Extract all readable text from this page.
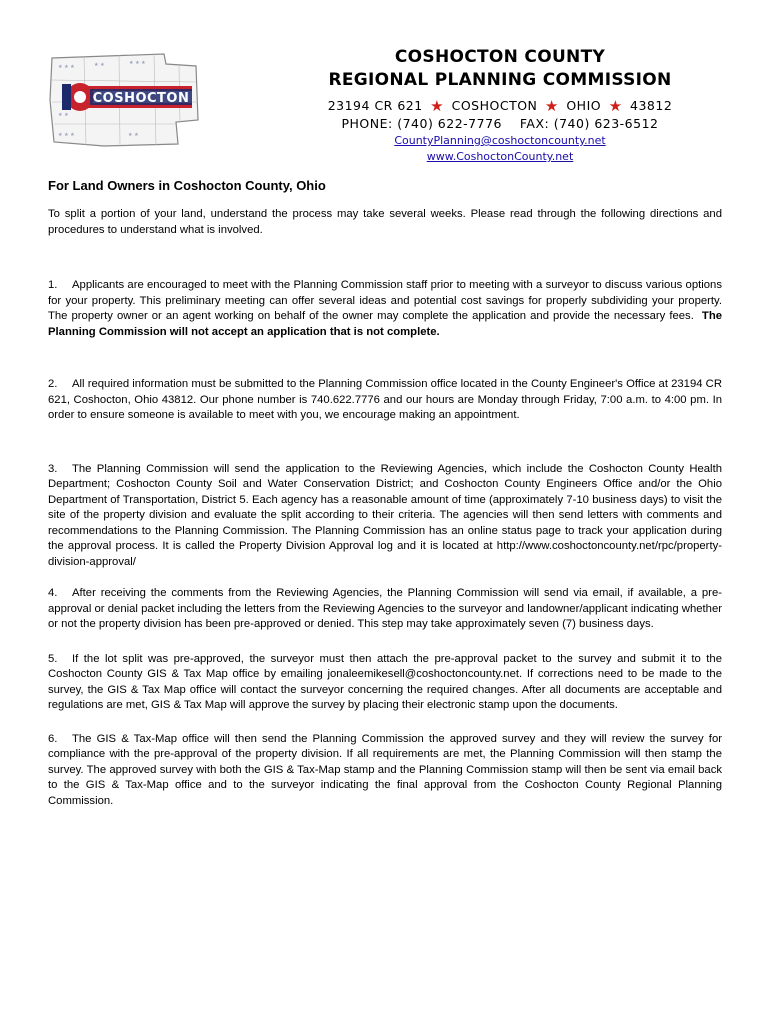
★ ★ ★	★ ★	★ ★ ★
★ ★
★ ★ ★	★ ★
COSHOCTON
COSHOCTON COUNTY
REGIONAL PLANNING COMMISSION
23194 CR 621 ★ COSHOCTON ★ OHIO ★ 43812
PHONE: (740) 622-7776 FAX: (740) 623-6512
CountyPlanning@coshoctoncounty.net
www.CoshoctonCounty.net
For Land Owners in Coshocton County, Ohio

To split a portion of your land, understand the process may take several weeks. Please read through the following directions and procedures to understand what is involved.

1. Applicants are encouraged to meet with the Planning Commission staff prior to meeting with a surveyor to discuss various options for your property. This preliminary meeting can offer several ideas and potential cost savings for properly subdividing your property. The property owner or an agent working on behalf of the owner may complete the application and provide the necessary fees. The Planning Commission will not accept an application that is not complete.

2. All required information must be submitted to the Planning Commission office located in the County Engineer's Office at 23194 CR 621, Coshocton, Ohio 43812. Our phone number is 740.622.7776 and our hours are Monday through Friday, 7:00 a.m. to 4:00 pm. In order to ensure someone is available to meet with you, we encourage making an appointment.

3. The Planning Commission will send the application to the Reviewing Agencies, which include the Coshocton County Health Department; Coshocton County Soil and Water Conservation District; and Coshocton County Engineers Office and/or the Ohio Department of Transportation, District 5. Each agency has a reasonable amount of time (approximately 7-10 business days) to visit the site of the property division and evaluate the split according to their criteria. The agencies will then send letters with comments and recommendations to the Planning Commission. The Planning Commission has an online status page to track your application during the approval process. It is called the Property Division Approval log and it is located at http://www.coshoctoncounty.net/rpc/property-division-approval/

4. After receiving the comments from the Reviewing Agencies, the Planning Commission will send via email, if available, a pre-approval or denial packet including the letters from the Reviewing Agencies to the surveyor and landowner/applicant indicating whether or not the property division has been pre-approved or denied. This step may take approximately seven (7) business days.

5. If the lot split was pre-approved, the surveyor must then attach the pre-approval packet to the survey and submit it to the Coshocton County GIS & Tax Map office by emailing jonaleemikesell@coshoctoncounty.net. If corrections need to be made to the survey, the GIS & Tax Map office will contact the surveyor concerning the required changes. After all documents are acceptable and regulations are met, GIS & Tax Map will approve the survey by placing their electronic stamp upon the documents.

6. The GIS & Tax-Map office will then send the Planning Commission the approved survey and they will review the survey for compliance with the pre-approval of the property division. If all requirements are met, the Planning Commission will then stamp the survey. The approved survey with both the GIS & Tax-Map stamp and the Planning Commission stamp will then be sent via email back to the GIS & Tax-Map office and to the surveyor indicating the final approval from the Coshocton County Regional Planning Commission.
